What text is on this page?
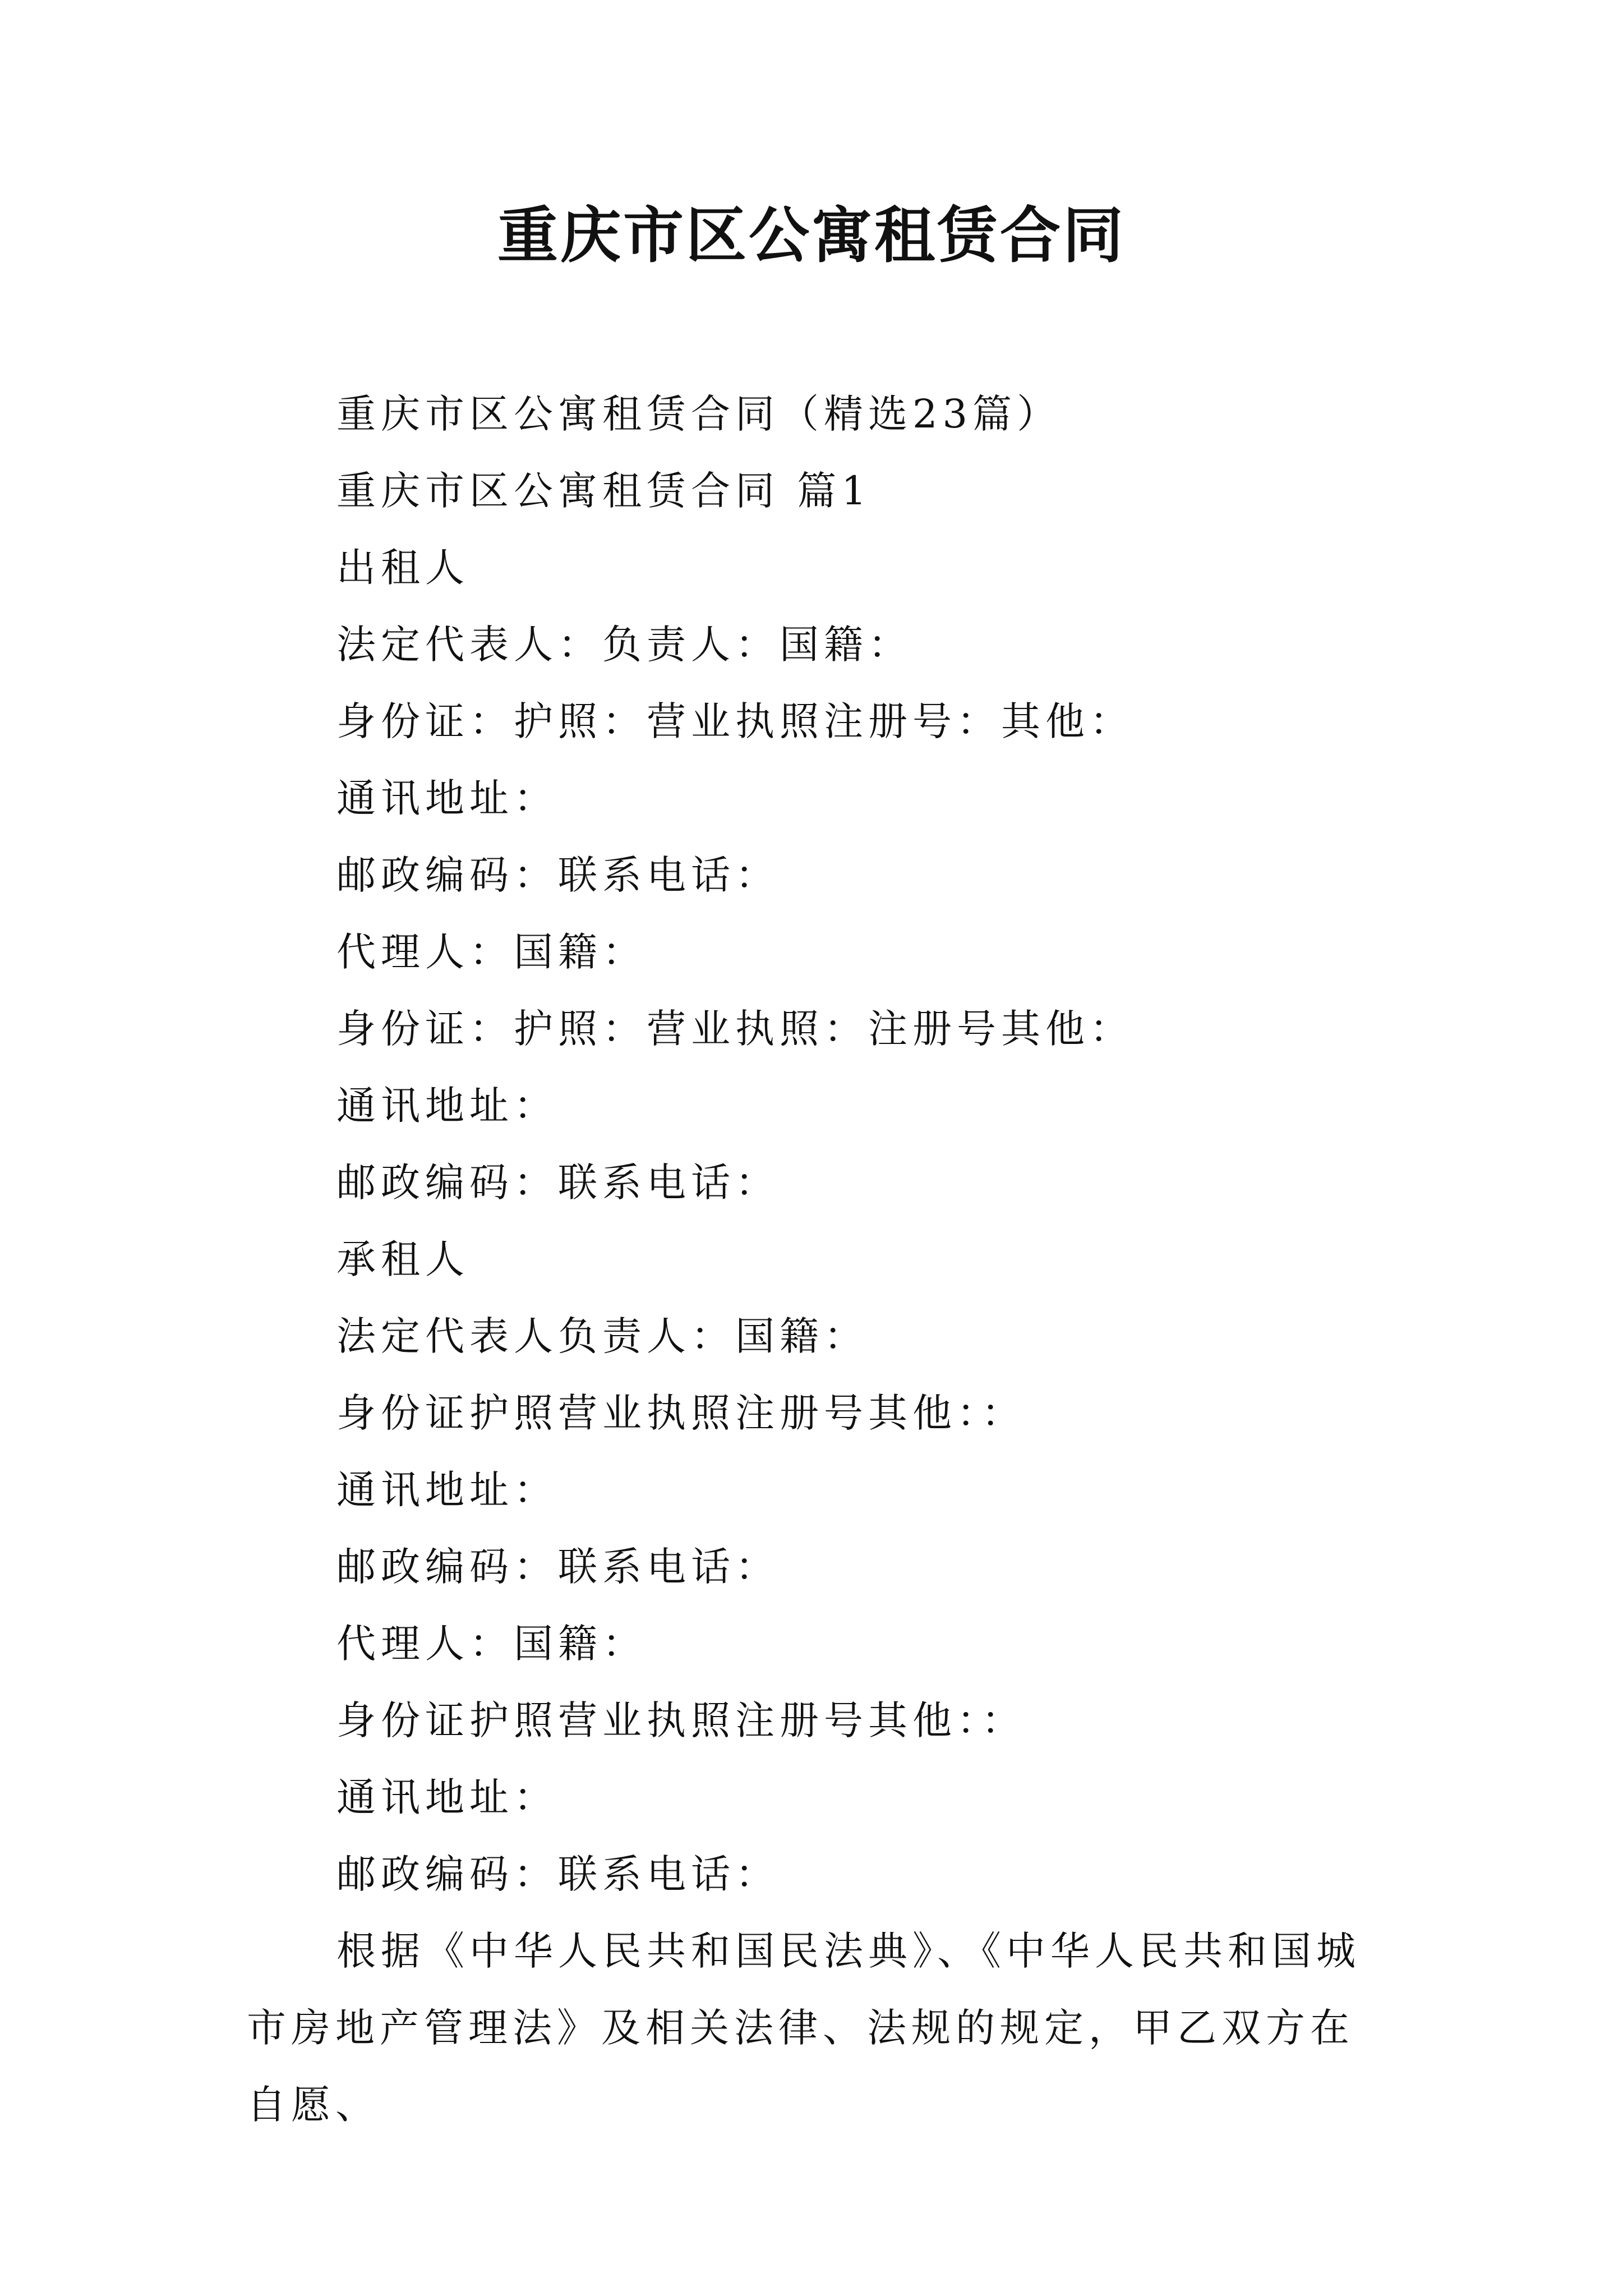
重庆市区公寓租赁合同
重庆市区公寓租赁合同（精选23篇）
重庆市区公寓租赁合同 篇1
出租人
法定代表人：负责人：国籍：
身份证：护照：营业执照注册号：其他：
通讯地址：
邮政编码：联系电话：
代理人：国籍：
身份证：护照：营业执照：注册号其他：
通讯地址：
邮政编码：联系电话：
承租人
法定代表人负责人：国籍：
身份证护照营业执照注册号其他：：
通讯地址：
邮政编码：联系电话：
代理人：国籍：
身份证护照营业执照注册号其他：：
通讯地址：
邮政编码：联系电话：
根据《中华人民共和国民法典》、《中华人民共和国城市房地产管理法》及相关法律、法规的规定，甲乙双方在自愿、
